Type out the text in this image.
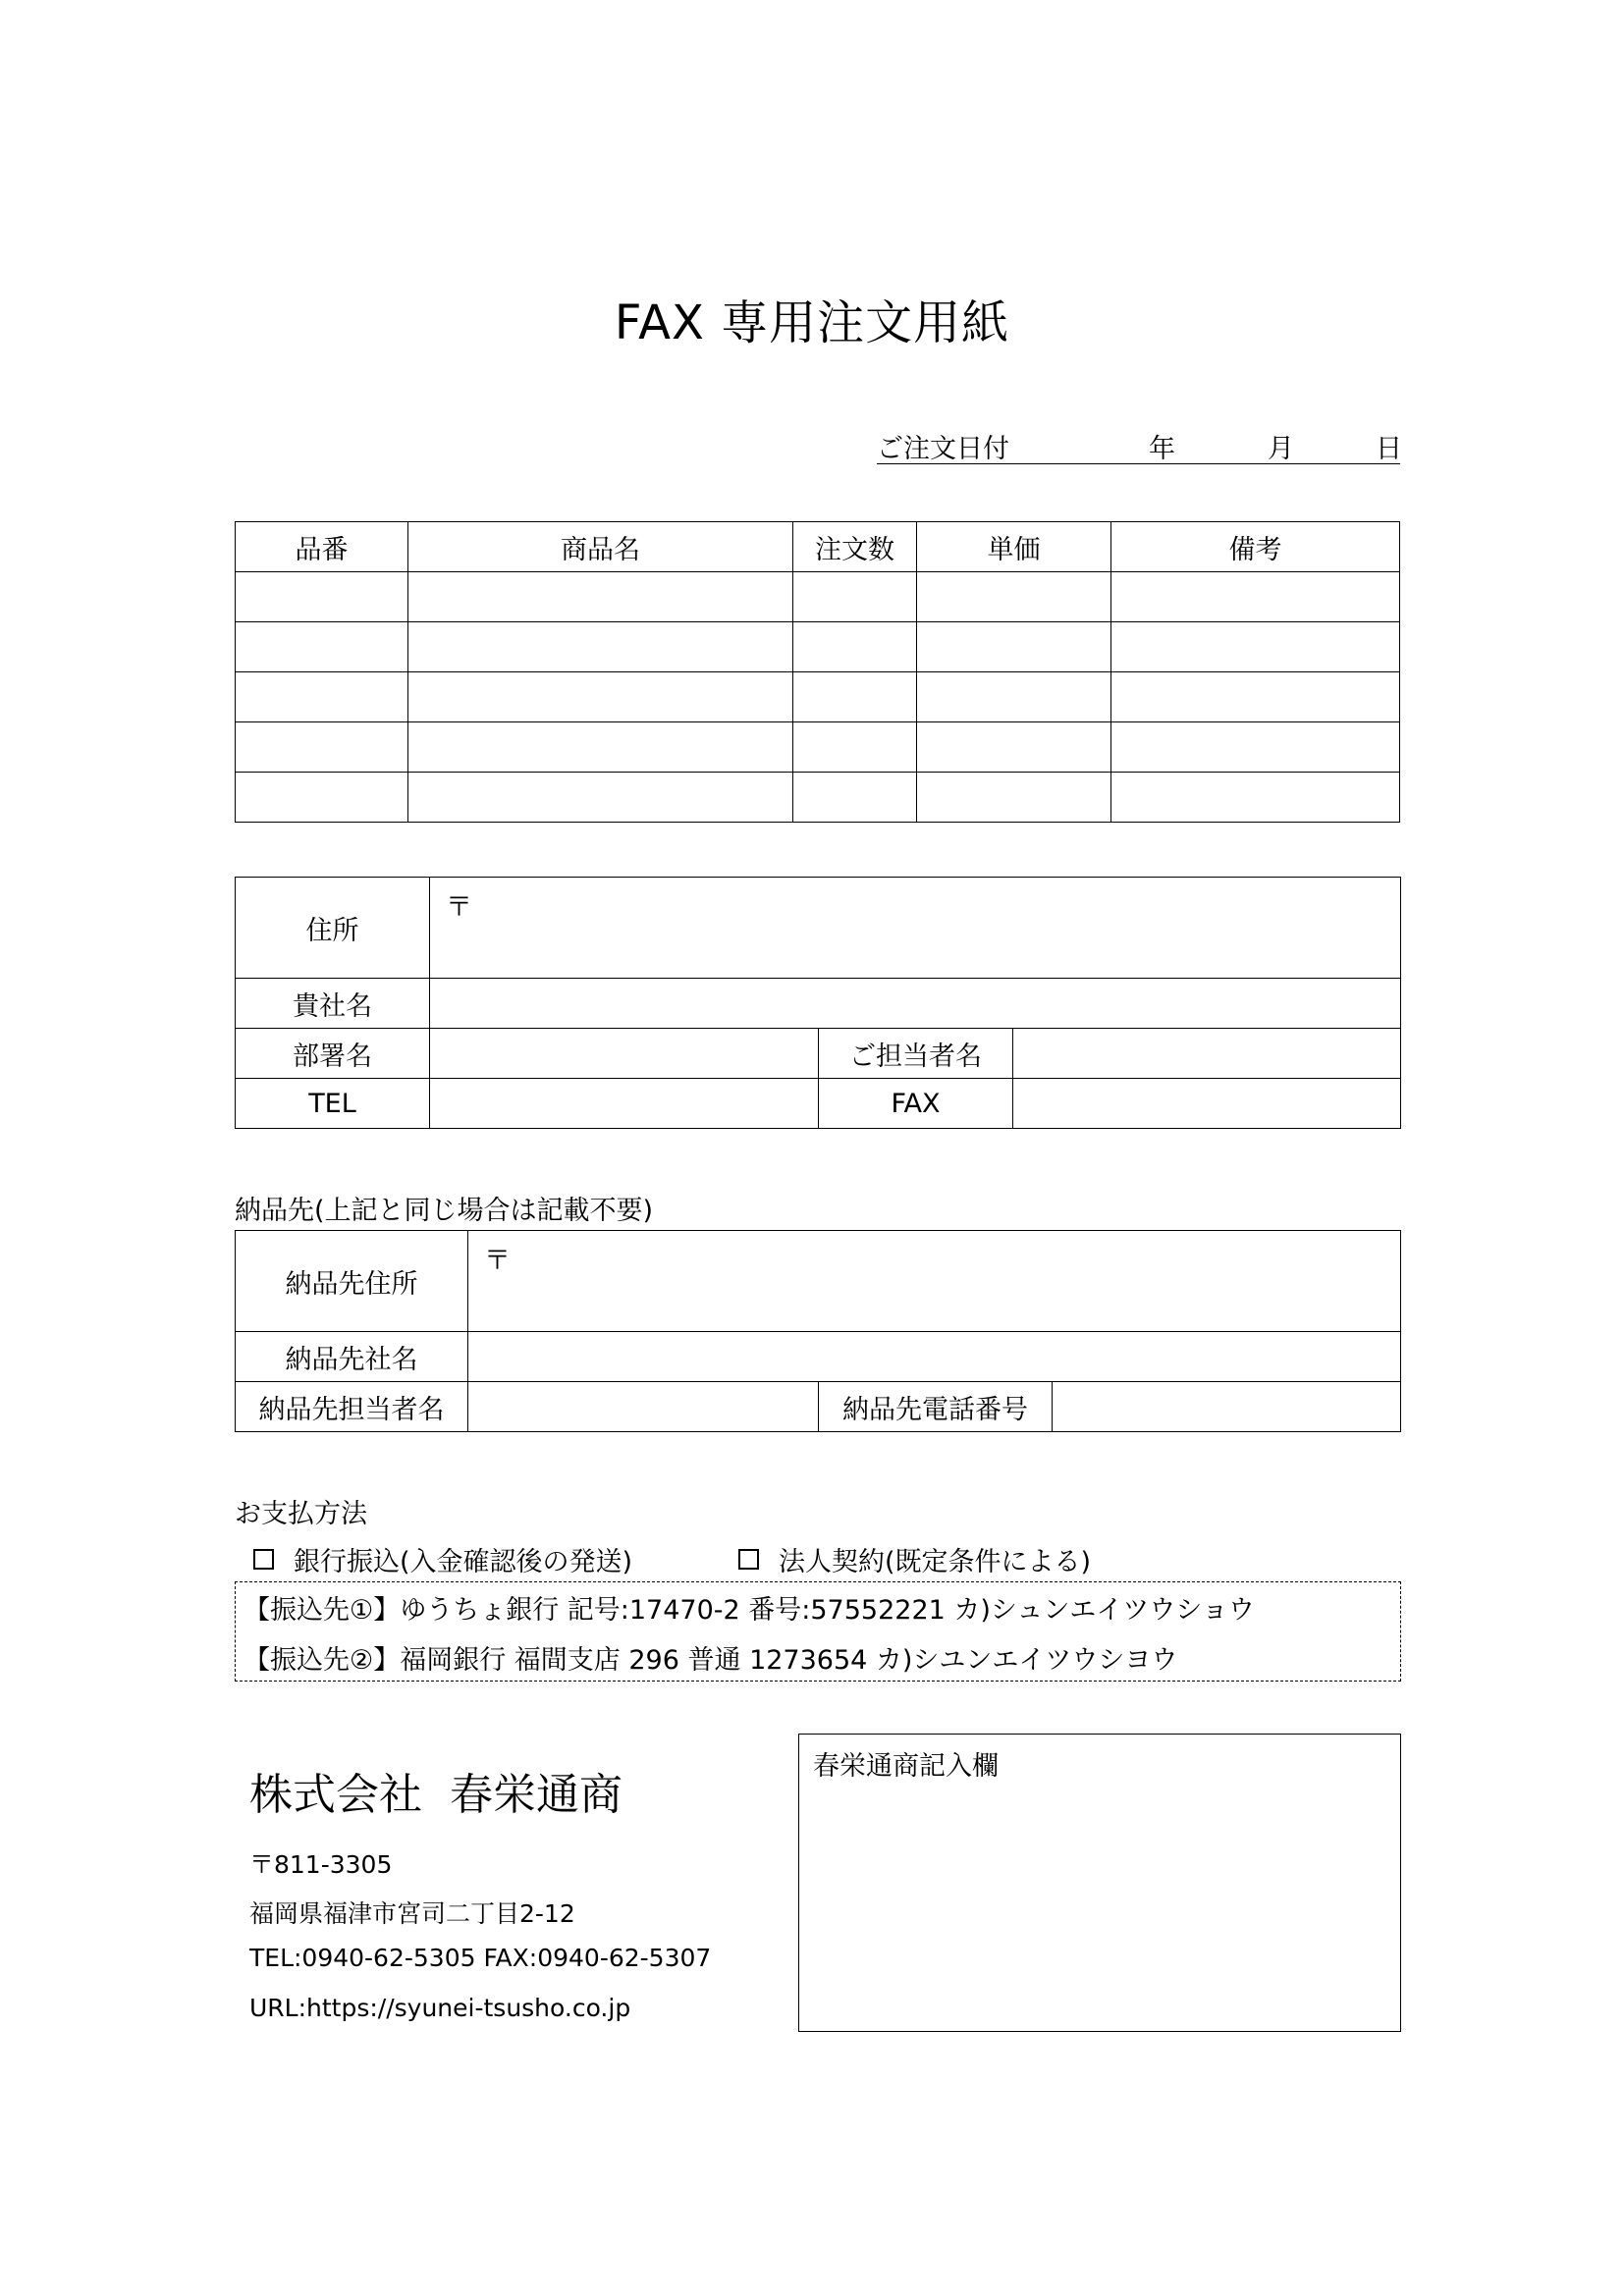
FAX 専用注文用紙
ご注文日付	年	月	日
品番	商品名	注文数	単価	備考

住所	〒		
貴社名			
部署名		ご担当者名	
TEL		FAX	
納品先(上記と同じ場合は記載不要)
納品先住所	〒		
納品先社名			
納品先担当者名		納品先電話番号	
お支払方法
銀行振込(入金確認後の発送)	法人契約(既定条件による)
【振込先①】ゆうちょ銀行 記号:17470-2 番号:57552221 カ)シュンエイツウショウ
【振込先②】福岡銀行 福間支店 296 普通 1273654 カ)シユンエイツウシヨウ
株式会社  春栄通商
〒811-3305
福岡県福津市宮司二丁目2-12
TEL:0940-62-5305 FAX:0940-62-5307
URL:https://syunei-tsusho.co.jp
春栄通商記入欄
